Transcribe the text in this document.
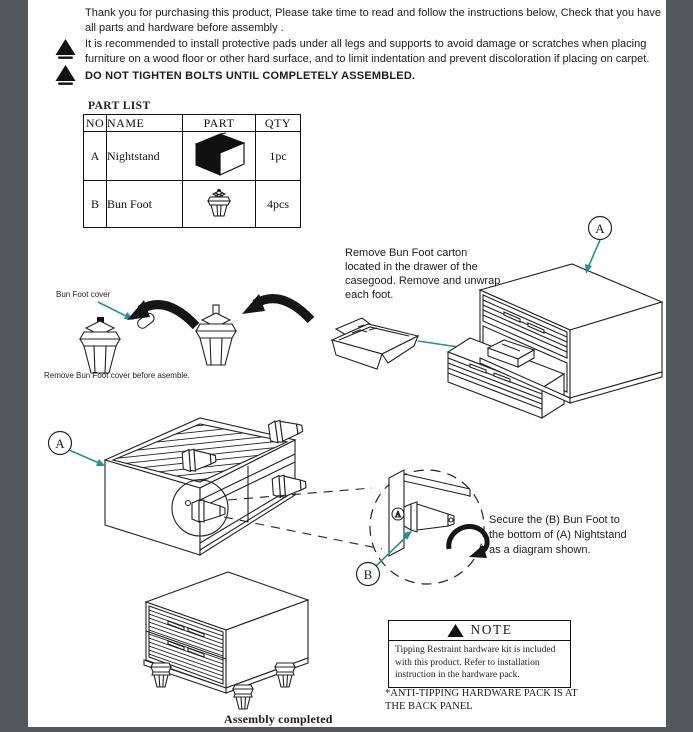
A
A
A
B
Thank you for purchasing this product, Please take time to read and follow the instructions below, Check that you have all parts and hardware before assembly .
! It is recommended to install protective pads under all legs and supports to avoid damage or scratches when placing furniture on a wood floor or other hard surface, and to limit indentation and prevent discoloration if placing on carpet.
! DO NOT TIGHTEN BOLTS UNTIL COMPLETELY ASSEMBLED.
PART LIST
NO	NAME	PART	QTY
A	Nightstand		1pc
B	Bun Foot		4pcs
Bun Foot cover
Remove Bun Foot cover before asemble.
Remove Bun Foot carton located in the drawer of the casegood. Remove and unwrap each foot.
Secure the (B) Bun Foot to
the bottom of (A) Nightstand
as a diagram shown.
! NOTE
Tipping Restraint hardware kit is included with this product. Refer to installation instruction in the hardware pack.
*ANTI-TIPPING HARDWARE PACK IS AT THE BACK PANEL
Assembly completed
